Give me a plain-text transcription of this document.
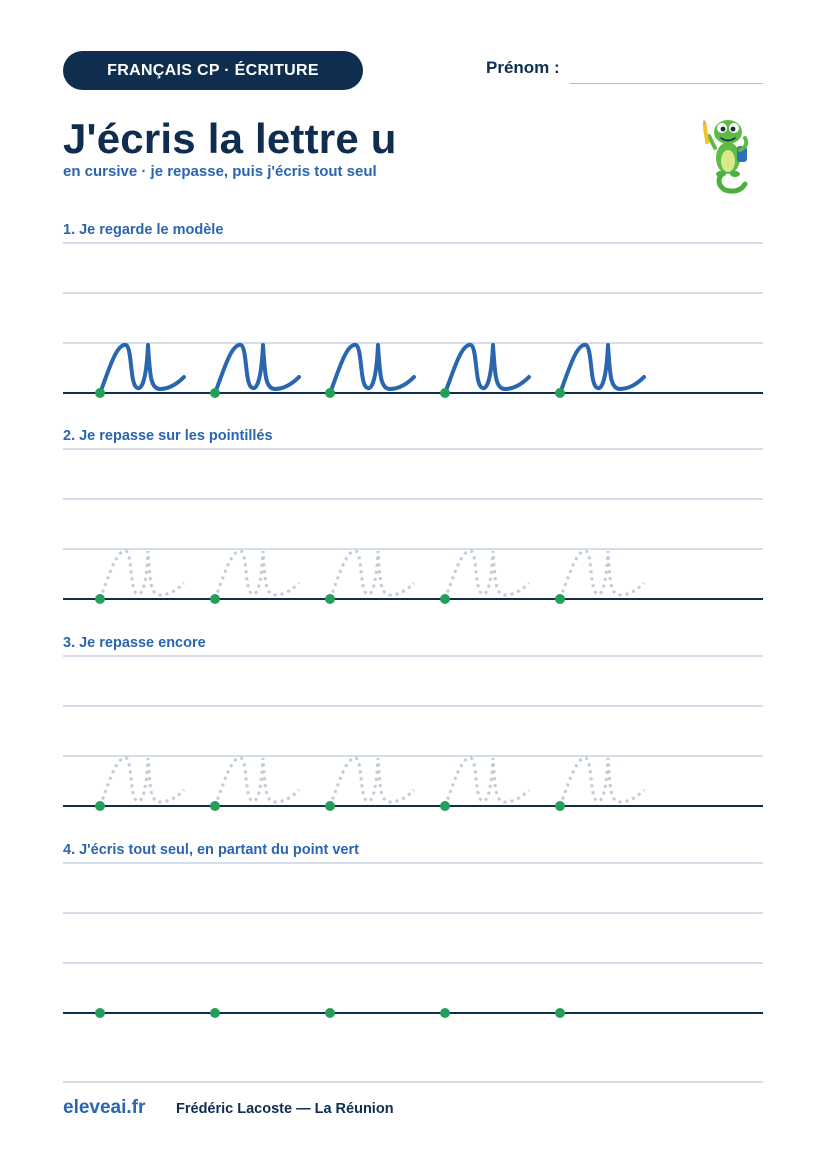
FRANÇAIS CP · ÉCRITURE	Prénom :
J'écris la lettre u
en cursive · je repasse, puis j'écris tout seul
1. Je regarde le modèle
2. Je repasse sur les pointillés
3. Je repasse encore
4. J'écris tout seul, en partant du point vert
eleveai.fr Frédéric Lacoste — La Réunion
